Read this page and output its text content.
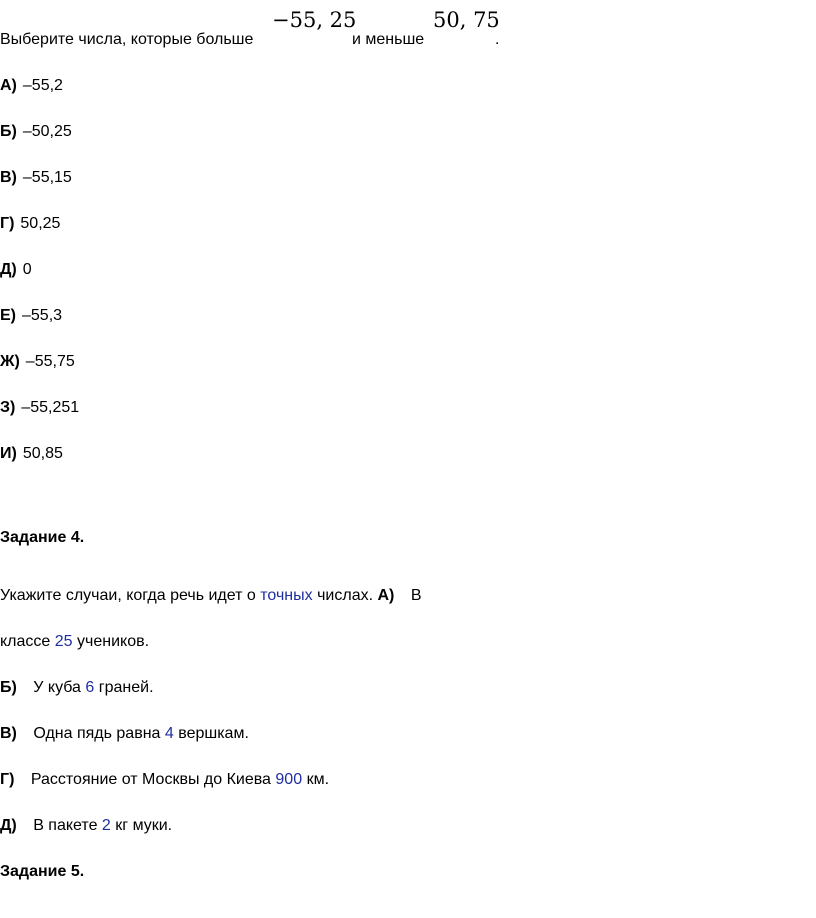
Выберите числа, которые больше
−55, 25
и меньше
50, 75
.
А) –55,2
Б) –50,25
В) –55,15
Г) 50,25
Д) 0
Е) –55,3
Ж) –55,75
З) –55,251
И) 50,85
Задание 4.
Укажите случаи, когда речь идет о точных числах. А) В
классе 25 учеников.
Б) У куба 6 граней.
В) Одна пядь равна 4 вершкам.
Г) Расстояние от Москвы до Киева 900 км.
Д) В пакете 2 кг муки.
Задание 5.
